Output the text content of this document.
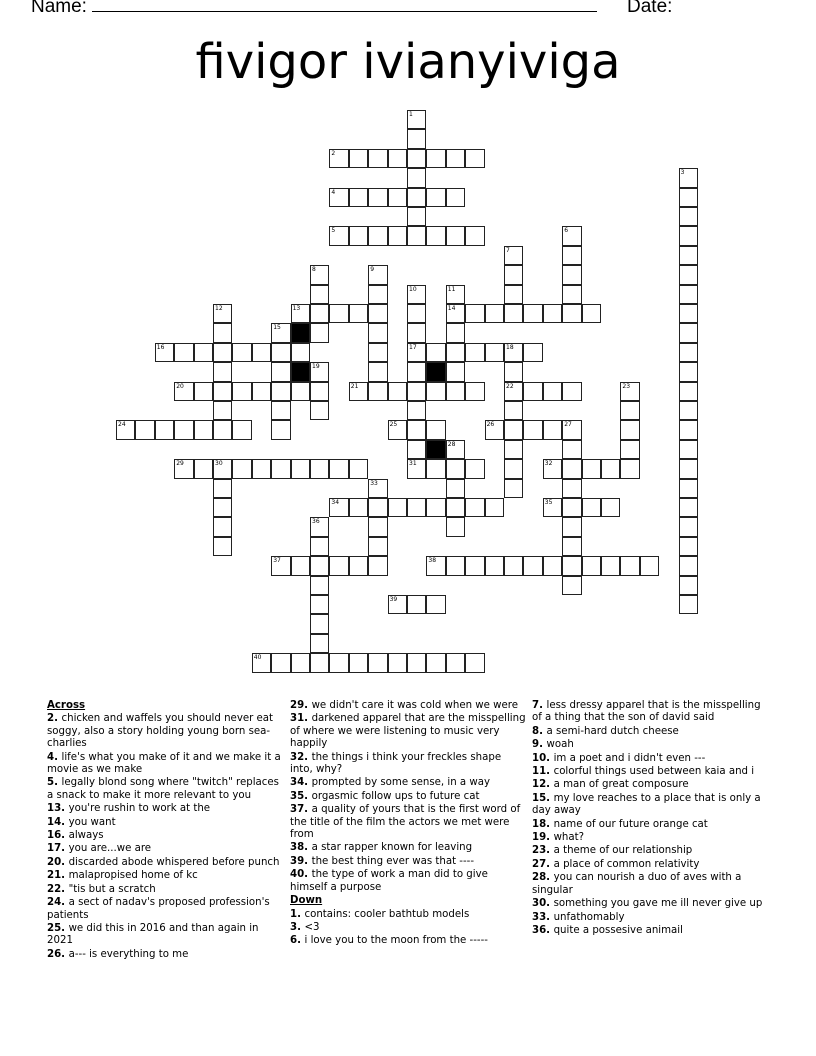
Name:	Date:
fivigor ivianyiviga
2
4
5
13	14
16	17	18
20	21	22
24	25	26	27
29	30	31	32
34	35
37	38
39
40
1
3
6
7
8	9
10	11
12
15
19
23
28
33
36
Across
2. chicken and waffels you should never eat soggy, also a story holding young born sea-charlies
4. life's what you make of it and we make it a movie as we make
5. legally blond song where "twitch" replaces a snack to make it more relevant to you
13. you're rushin to work at the
14. you want
16. always
17. you are...we are
20. discarded abode whispered before punch
21. malapropised home of kc
22. "tis but a scratch
24. a sect of nadav's proposed profession's patients
25. we did this in 2016 and than again in 2021
26. a--- is everything to me
29. we didn't care it was cold when we were
31. darkened apparel that are the misspelling of where we were listening to music very happily
32. the things i think your freckles shape into, why?
34. prompted by some sense, in a way
35. orgasmic follow ups to future cat
37. a quality of yours that is the first word of the title of the film the actors we met were from
38. a star rapper known for leaving
39. the best thing ever was that ----
40. the type of work a man did to give himself a purpose
Down
1. contains: cooler bathtub models
3. <3
6. i love you to the moon from the -----
7. less dressy apparel that is the misspelling of a thing that the son of david said
8. a semi-hard dutch cheese
9. woah
10. im a poet and i didn't even ---
11. colorful things used between kaia and i
12. a man of great composure
15. my love reaches to a place that is only a day away
18. name of our future orange cat
19. what?
23. a theme of our relationship
27. a place of common relativity
28. you can nourish a duo of aves with a singular
30. something you gave me ill never give up
33. unfathomably
36. quite a possesive animail
